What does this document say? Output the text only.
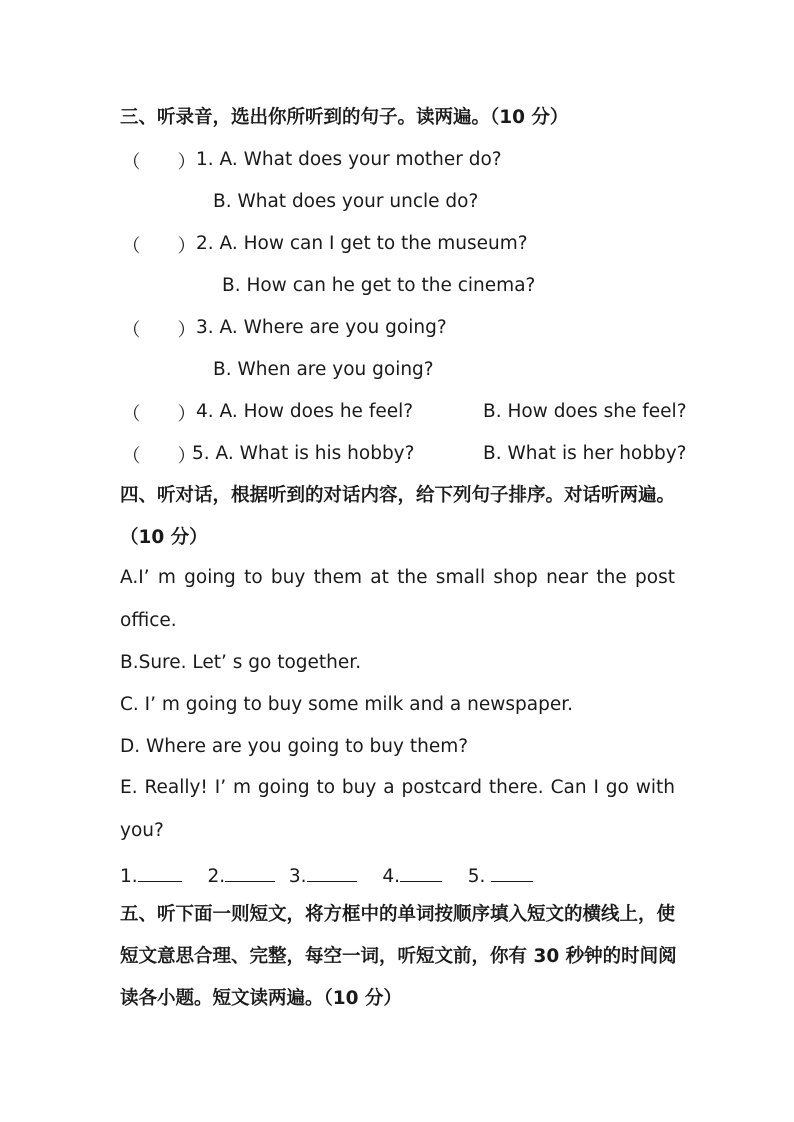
三、听录音，选出你所听到的句子。读两遍。（10 分）
（　　） 1. A. What does your mother do?
B. What does your uncle do?
（　　） 2. A. How can I get to the museum?
B. How can he get to the cinema?
（　　） 3. A. Where are you going?
B. When are you going?
（　　） 4. A. How does he feel?	B. How does she feel?
（　　）
5. A. What is his hobby?	B. What is her hobby?
四、听对话，根据听到的对话内容，给下列句子排序。对话听两遍。
（10 分）
A.I’ m going to buy them at the small shop near the post
office.
B.Sure. Let’ s go together.
C. I’ m going to buy some milk and a newspaper.
D. Where are you going to buy them?
E. Really! I’ m going to buy a postcard there. Can I go with
you?
1.	2.	3.	4.	5.
五、听下面一则短文，将方框中的单词按顺序填入短文的横线上，使
短文意思合理、完整，每空一词，听短文前，你有 30 秒钟的时间阅
读各小题。短文读两遍。（10 分）
